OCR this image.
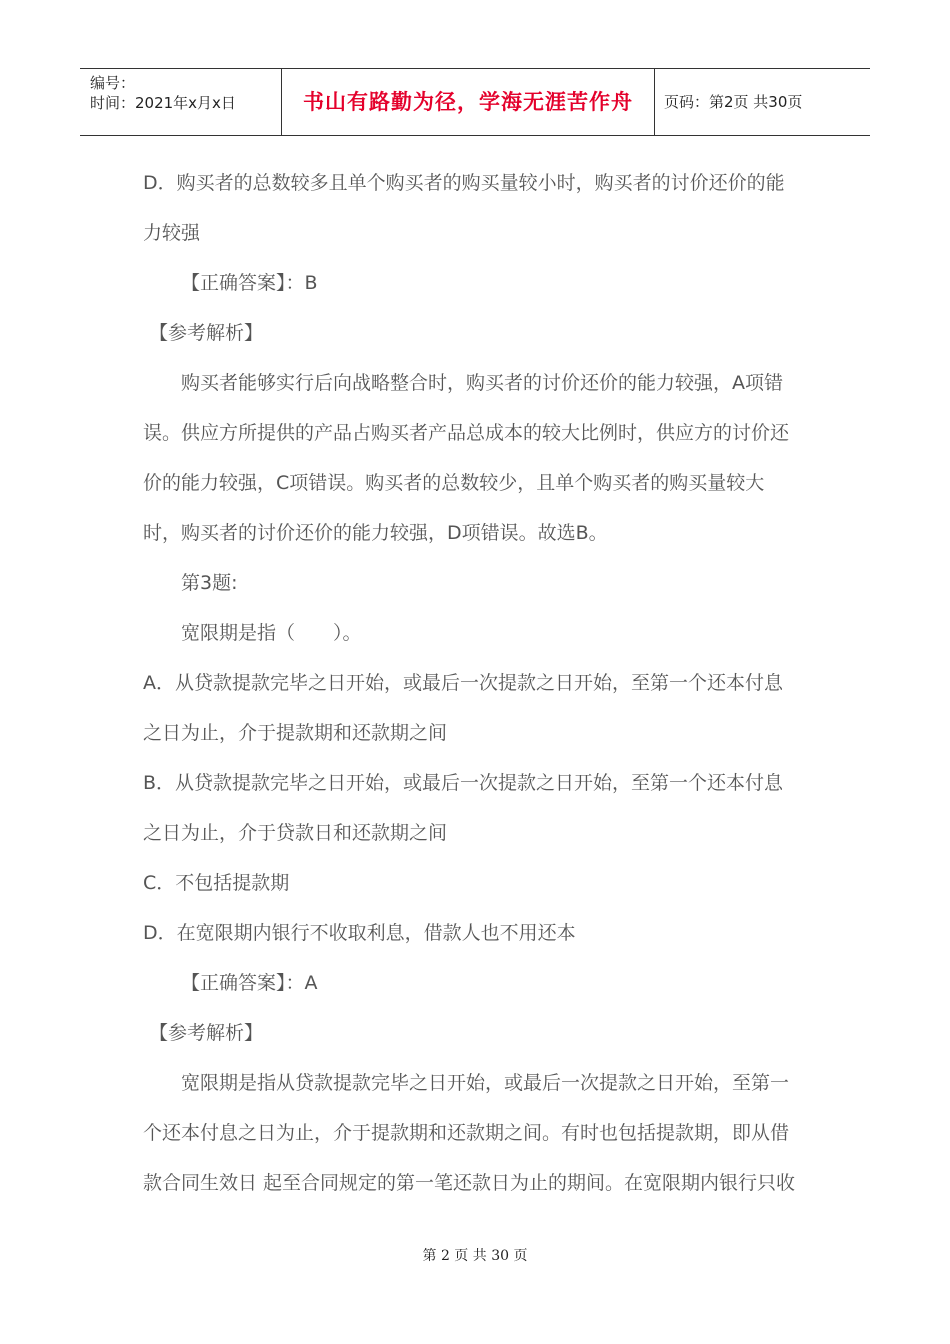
编号：
时间：2021年x月x日	书山有路勤为径，学海无涯苦作舟	页码：第2页 共30页
D．购买者的总数较多且单个购买者的购买量较小时，购买者的讨价还价的能
力较强
【正确答案】：B
【参考解析】
购买者能够实行后向战略整合时，购买者的讨价还价的能力较强，A项错
误。供应方所提供的产品占购买者产品总成本的较大比例时，供应方的讨价还
价的能力较强，C项错误。购买者的总数较少，且单个购买者的购买量较大
时，购买者的讨价还价的能力较强，D项错误。故选B。
第3题:
宽限期是指（　　）。
A．从贷款提款完毕之日开始，或最后一次提款之日开始，至第一个还本付息
之日为止，介于提款期和还款期之间
B．从贷款提款完毕之日开始，或最后一次提款之日开始，至第一个还本付息
之日为止，介于贷款日和还款期之间
C．不包括提款期
D．在宽限期内银行不收取利息，借款人也不用还本
【正确答案】：A
【参考解析】
宽限期是指从贷款提款完毕之日开始，或最后一次提款之日开始，至第一
个还本付息之日为止，介于提款期和还款期之间。有时也包括提款期，即从借
款合同生效日 起至合同规定的第一笔还款日为止的期间。在宽限期内银行只收
第 2 页 共 30 页
